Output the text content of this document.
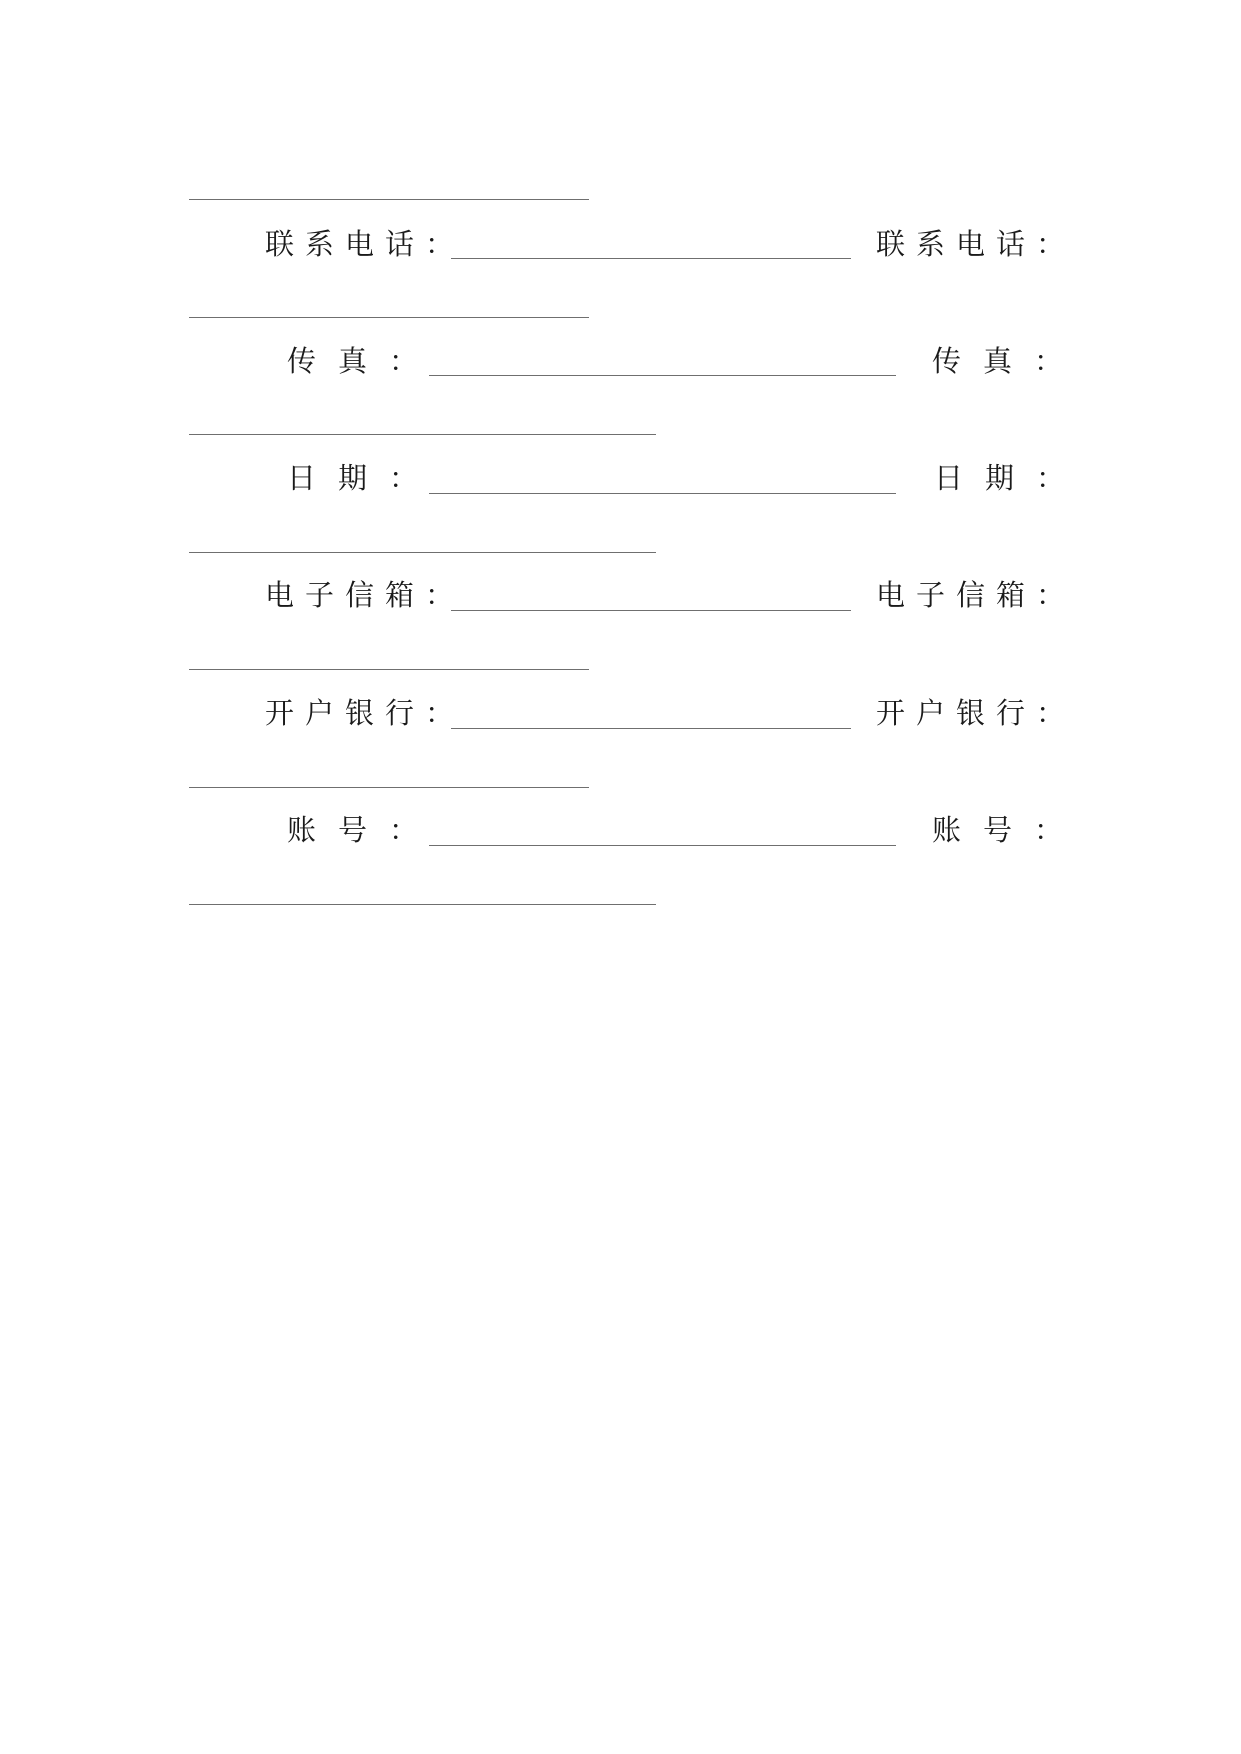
联系电话：	联系电话：
传真：	传真：
日期：	日期：
电子信箱：	电子信箱：
开户银行：	开户银行：
账号：	账号：
